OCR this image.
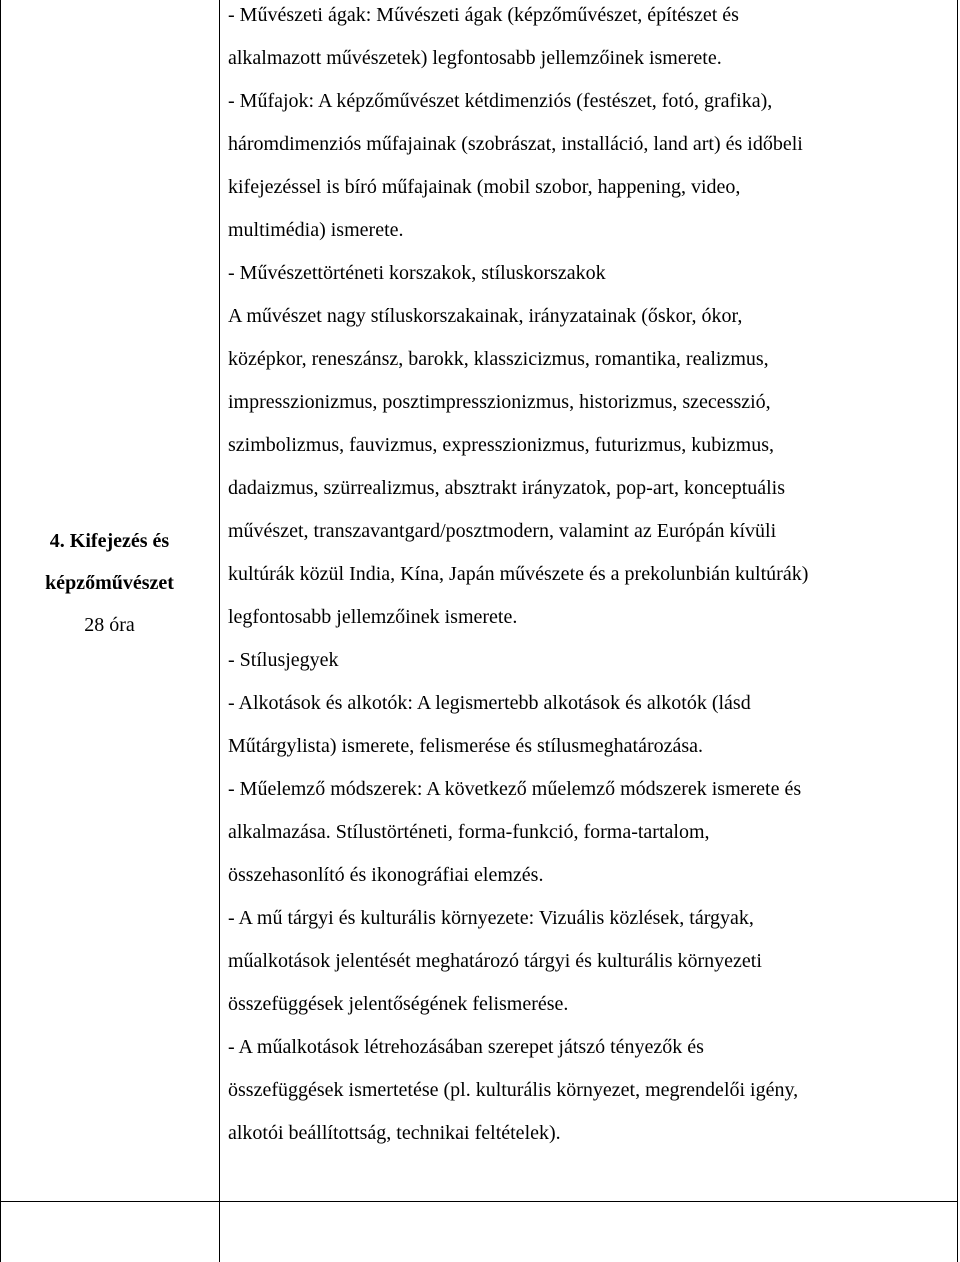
4. Kifejezés és
képzőművészet
28 óra
- Művészeti ágak: Művészeti ágak (képzőművészet, építészet és
alkalmazott művészetek) legfontosabb jellemzőinek ismerete.
- Műfajok: A képzőművészet kétdimenziós (festészet, fotó, grafika),
háromdimenziós műfajainak (szobrászat, installáció, land art) és időbeli
kifejezéssel is bíró műfajainak (mobil szobor, happening, video,
multimédia) ismerete.
- Művészettörténeti korszakok, stíluskorszakok
A művészet nagy stíluskorszakainak, irányzatainak (őskor, ókor,
középkor, reneszánsz, barokk, klasszicizmus, romantika, realizmus,
impresszionizmus, posztimpresszionizmus, historizmus, szecesszió,
szimbolizmus, fauvizmus, expresszionizmus, futurizmus, kubizmus,
dadaizmus, szürrealizmus, absztrakt irányzatok, pop-art, konceptuális
művészet, transzavantgard/posztmodern, valamint az Európán kívüli
kultúrák közül India, Kína, Japán művészete és a prekolunbián kultúrák)
legfontosabb jellemzőinek ismerete.
- Stílusjegyek
- Alkotások és alkotók: A legismertebb alkotások és alkotók (lásd
Műtárgylista) ismerete, felismerése és stílusmeghatározása.
- Műelemző módszerek: A következő műelemző módszerek ismerete és
alkalmazása. Stílustörténeti, forma-funkció, forma-tartalom,
összehasonlító és ikonográfiai elemzés.
- A mű tárgyi és kulturális környezete: Vizuális közlések, tárgyak,
műalkotások jelentését meghatározó tárgyi és kulturális környezeti
összefüggések jelentőségének felismerése.
- A műalkotások létrehozásában szerepet játszó tényezők és
összefüggések ismertetése (pl. kulturális környezet, megrendelői igény,
alkotói beállítottság, technikai feltételek).
